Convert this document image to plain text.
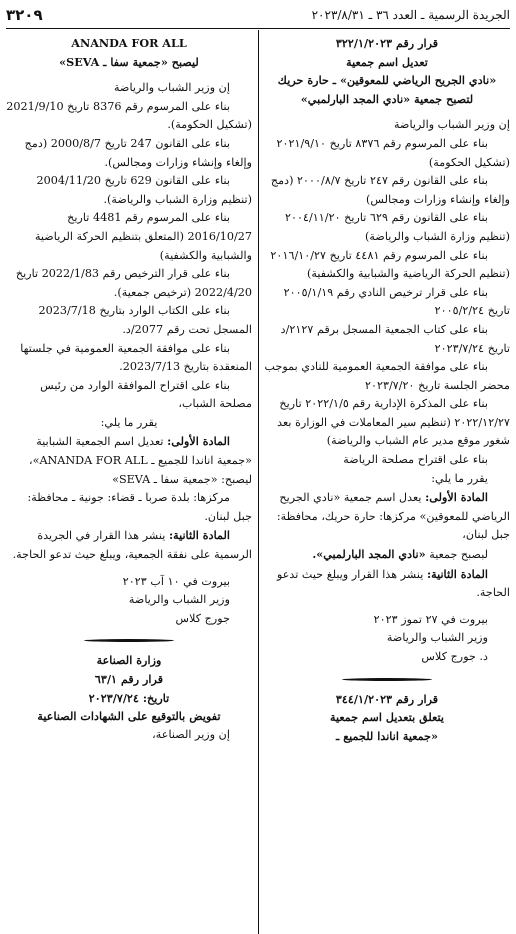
٣٢٠٩	الجريدة الرسمية ـ العدد ٣٦ ـ ٢٠٢٣/٨/٣١

قرار رقم ٣٢٢/١/٢٠٢٣

تعديل اسم جمعية

«نادي الجريح الرياضي للمعوقين» ـ حارة حريك

لتصبح جمعية «نادي المجد البارلمبي»

إن وزير الشباب والرياضة

بناء على المرسوم رقم ٨٣٧٦ تاريخ ٢٠٢١/٩/١٠ (تشكيل الحكومة)

بناء على القانون رقم ٢٤٧ تاريخ ٢٠٠٠/٨/٧ (دمج وإلغاء وإنشاء وزارات ومجالس)

بناء على القانون رقم ٦٢٩ تاريخ ٢٠٠٤/١١/٢٠ (تنظيم وزارة الشباب والرياضة)

بناء على المرسوم رقم ٤٤٨١ تاريخ ٢٠١٦/١٠/٢٧ (تنظيم الحركة الرياضية والشبابية والكشفية)

بناء على قرار ترخيص النادي رقم ٢٠٠٥/١/١٩ تاريخ ٢٠٠٥/٢/٢٤

بناء على كتاب الجمعية المسجل برقم ٢١٢٧/د تاريخ ٢٠٢٣/٧/٢٤

بناء على موافقة الجمعية العمومية للنادي بموجب محضر الجلسة تاريخ ٢٠٢٣/٧/٢٠

بناء على المذكرة الإدارية رقم ٢٠٢٢/١/٥ تاريخ ٢٠٢٢/١٢/٢٧ (تنظيم سير المعاملات في الوزارة بعد شغور موقع مدير عام الشباب والرياضة)

بناء على اقتراح مصلحة الرياضة

يقرر ما يلي:

المادة الأولى: يعدل اسم جمعية «نادي الجريح الرياضي للمعوقين» مركزها: حارة حريك، محافظة: جبل لبنان،

لبصبح جمعية «نادي المجد البارلمبي».

المادة الثانية: ينشر هذا القرار ويبلغ حيث تدعو الحاجة.

بيروت في ٢٧ تموز ٢٠٢٣

وزير الشباب والرياضة

د. جورج كلاس

قرار رقم ٣٤٤/١/٢٠٢٣

يتعلق بتعديل اسم جمعية

«جمعية اناندا للجميع ـ

ANANDA FOR ALL

ليصبح «جمعية سفا ـ SEVA»

إن وزير الشباب والرياضة

بناء على المرسوم رقم 8376 تاريخ 2021/9/10 (تشكيل الحكومة).

بناء على القانون 247 تاريخ 2000/8/7 (دمج وإلغاء وإنشاء وزارات ومجالس).

بناء على القانون 629 تاريخ 2004/11/20 (تنظيم وزارة الشباب والرياضة).

بناء على المرسوم رقم 4481 تاريخ 2016/10/27 (المتعلق بتنظيم الحركة الرياضية والشبابية والكشفية)

بناء على قرار الترخيص رقم 2022/1/83 تاريخ 2022/4/20 (ترخيص جمعية).

بناء على الكتاب الوارد بتاريخ 2023/7/18 المسجل تحت رقم 2077/د.

بناء على موافقة الجمعية العمومية في جلستها المنعقدة بتاريخ 2023/7/13.

بناء على اقتراح الموافقة الوارد من رئيس مصلحة الشباب،

يقرر ما يلي:

المادة الأولى: تعديل اسم الجمعية الشبابية «جمعية اناندا للجميع ـ ANANDA FOR ALL»، ليصبح: «جمعية سفا ـ SEVA»

مركزها: بلدة صربا ـ قضاء: جونية ـ محافظة: جبل لبنان.

المادة الثانية: ينشر هذا القرار في الجريدة الرسمية على نفقة الجمعية، ويبلغ حيث تدعو الحاجة.

بيروت في ١٠ آب ٢٠٢٣

وزير الشباب والرياضة

جورج كلاس

وزارة الصناعة

قرار رقم ٦٣/١

تاريخ: ٢٠٢٣/٧/٢٤

تفويض بالتوقيع على الشهادات الصناعية

إن وزير الصناعة،
